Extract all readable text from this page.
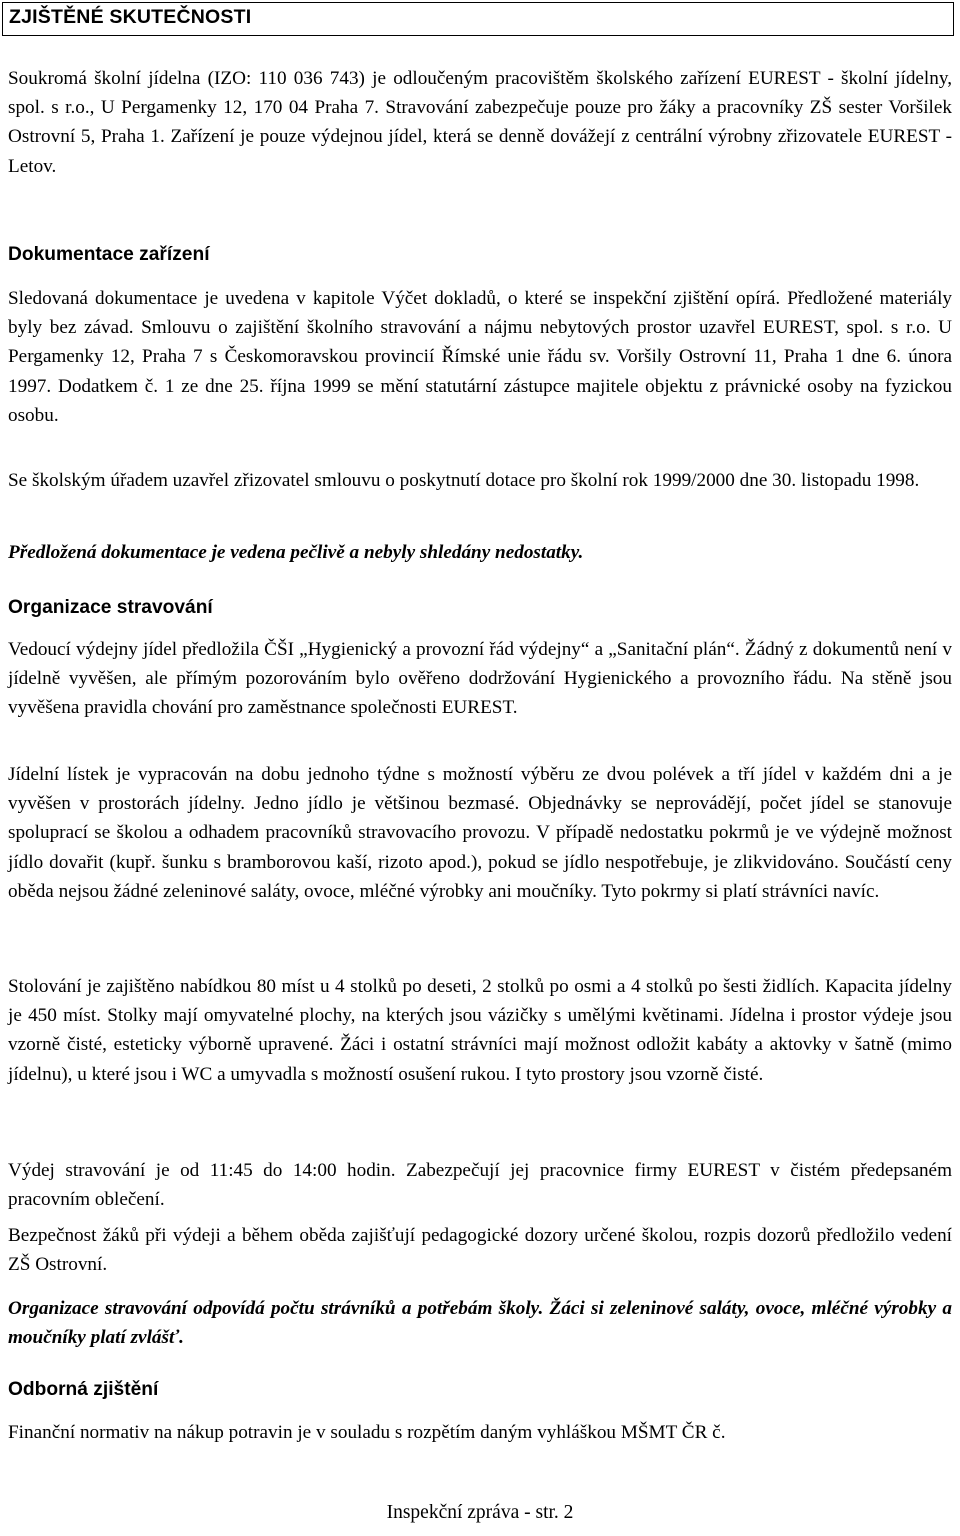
ZJIŠTĚNÉ SKUTEČNOSTI
Soukromá školní jídelna (IZO: 110 036 743) je odloučeným pracovištěm školského zařízení EUREST - školní jídelny, spol. s r.o., U Pergamenky 12, 170 04 Praha 7. Stravování zabezpečuje pouze pro žáky a pracovníky ZŠ sester Voršilek Ostrovní 5, Praha 1. Zařízení je pouze výdejnou jídel, která se denně dovážejí z centrální výrobny zřizovatele EUREST - Letov.
Dokumentace zařízení
Sledovaná dokumentace je uvedena v kapitole Výčet dokladů, o které se inspekční zjištění opírá. Předložené materiály byly bez závad. Smlouvu o zajištění školního stravování a nájmu nebytových prostor uzavřel EUREST, spol. s r.o. U Pergamenky 12, Praha 7 s Českomoravskou provincií Římské unie řádu sv. Voršily Ostrovní 11, Praha 1 dne 6. února 1997. Dodatkem č. 1 ze dne 25. října 1999 se mění statutární zástupce majitele objektu z právnické osoby na fyzickou osobu.
Se školským úřadem uzavřel zřizovatel smlouvu o poskytnutí dotace pro školní rok 1999/2000 dne 30. listopadu 1998.
Předložená dokumentace je vedena pečlivě a nebyly shledány nedostatky.
Organizace stravování
Vedoucí výdejny jídel předložila ČŠI „Hygienický a provozní řád výdejny“ a „Sanitační plán“. Žádný z dokumentů není v jídelně vyvěšen, ale přímým pozorováním bylo ověřeno dodržování Hygienického a provozního řádu. Na stěně jsou vyvěšena pravidla chování pro zaměstnance společnosti EUREST.
Jídelní lístek je vypracován na dobu jednoho týdne s možností výběru ze dvou polévek a tří jídel v každém dni a je vyvěšen v prostorách jídelny. Jedno jídlo je většinou bezmasé. Objednávky se neprovádějí, počet jídel se stanovuje spoluprací se školou a odhadem pracovníků stravovacího provozu. V případě nedostatku pokrmů je ve výdejně možnost jídlo dovařit (kupř. šunku s bramborovou kaší, rizoto apod.), pokud se jídlo nespotřebuje, je zlikvidováno. Součástí ceny oběda nejsou žádné zeleninové saláty, ovoce, mléčné výrobky ani moučníky. Tyto pokrmy si platí strávníci navíc.
Stolování je zajištěno nabídkou 80 míst u 4 stolků po deseti, 2 stolků po osmi a 4 stolků po šesti židlích. Kapacita jídelny je 450 míst. Stolky mají omyvatelné plochy, na kterých jsou vázičky s umělými květinami. Jídelna i prostor výdeje jsou vzorně čisté, esteticky výborně upravené. Žáci i ostatní strávníci mají možnost odložit kabáty a aktovky v šatně (mimo jídelnu), u které jsou i WC a umyvadla s možností osušení rukou. I tyto prostory jsou vzorně čisté.
Výdej stravování je od 11:45 do 14:00 hodin. Zabezpečují jej pracovnice firmy EUREST v čistém předepsaném pracovním oblečení.
Bezpečnost žáků při výdeji a během oběda zajišťují pedagogické dozory určené školou, rozpis dozorů předložilo vedení ZŠ Ostrovní.
Organizace stravování odpovídá počtu strávníků a potřebám školy. Žáci si zeleninové saláty, ovoce, mléčné výrobky a moučníky platí zvlášť.
Odborná zjištění
Finanční normativ na nákup potravin je v souladu s rozpětím daným vyhláškou MŠMT ČR č.
Inspekční zpráva - str. 2
